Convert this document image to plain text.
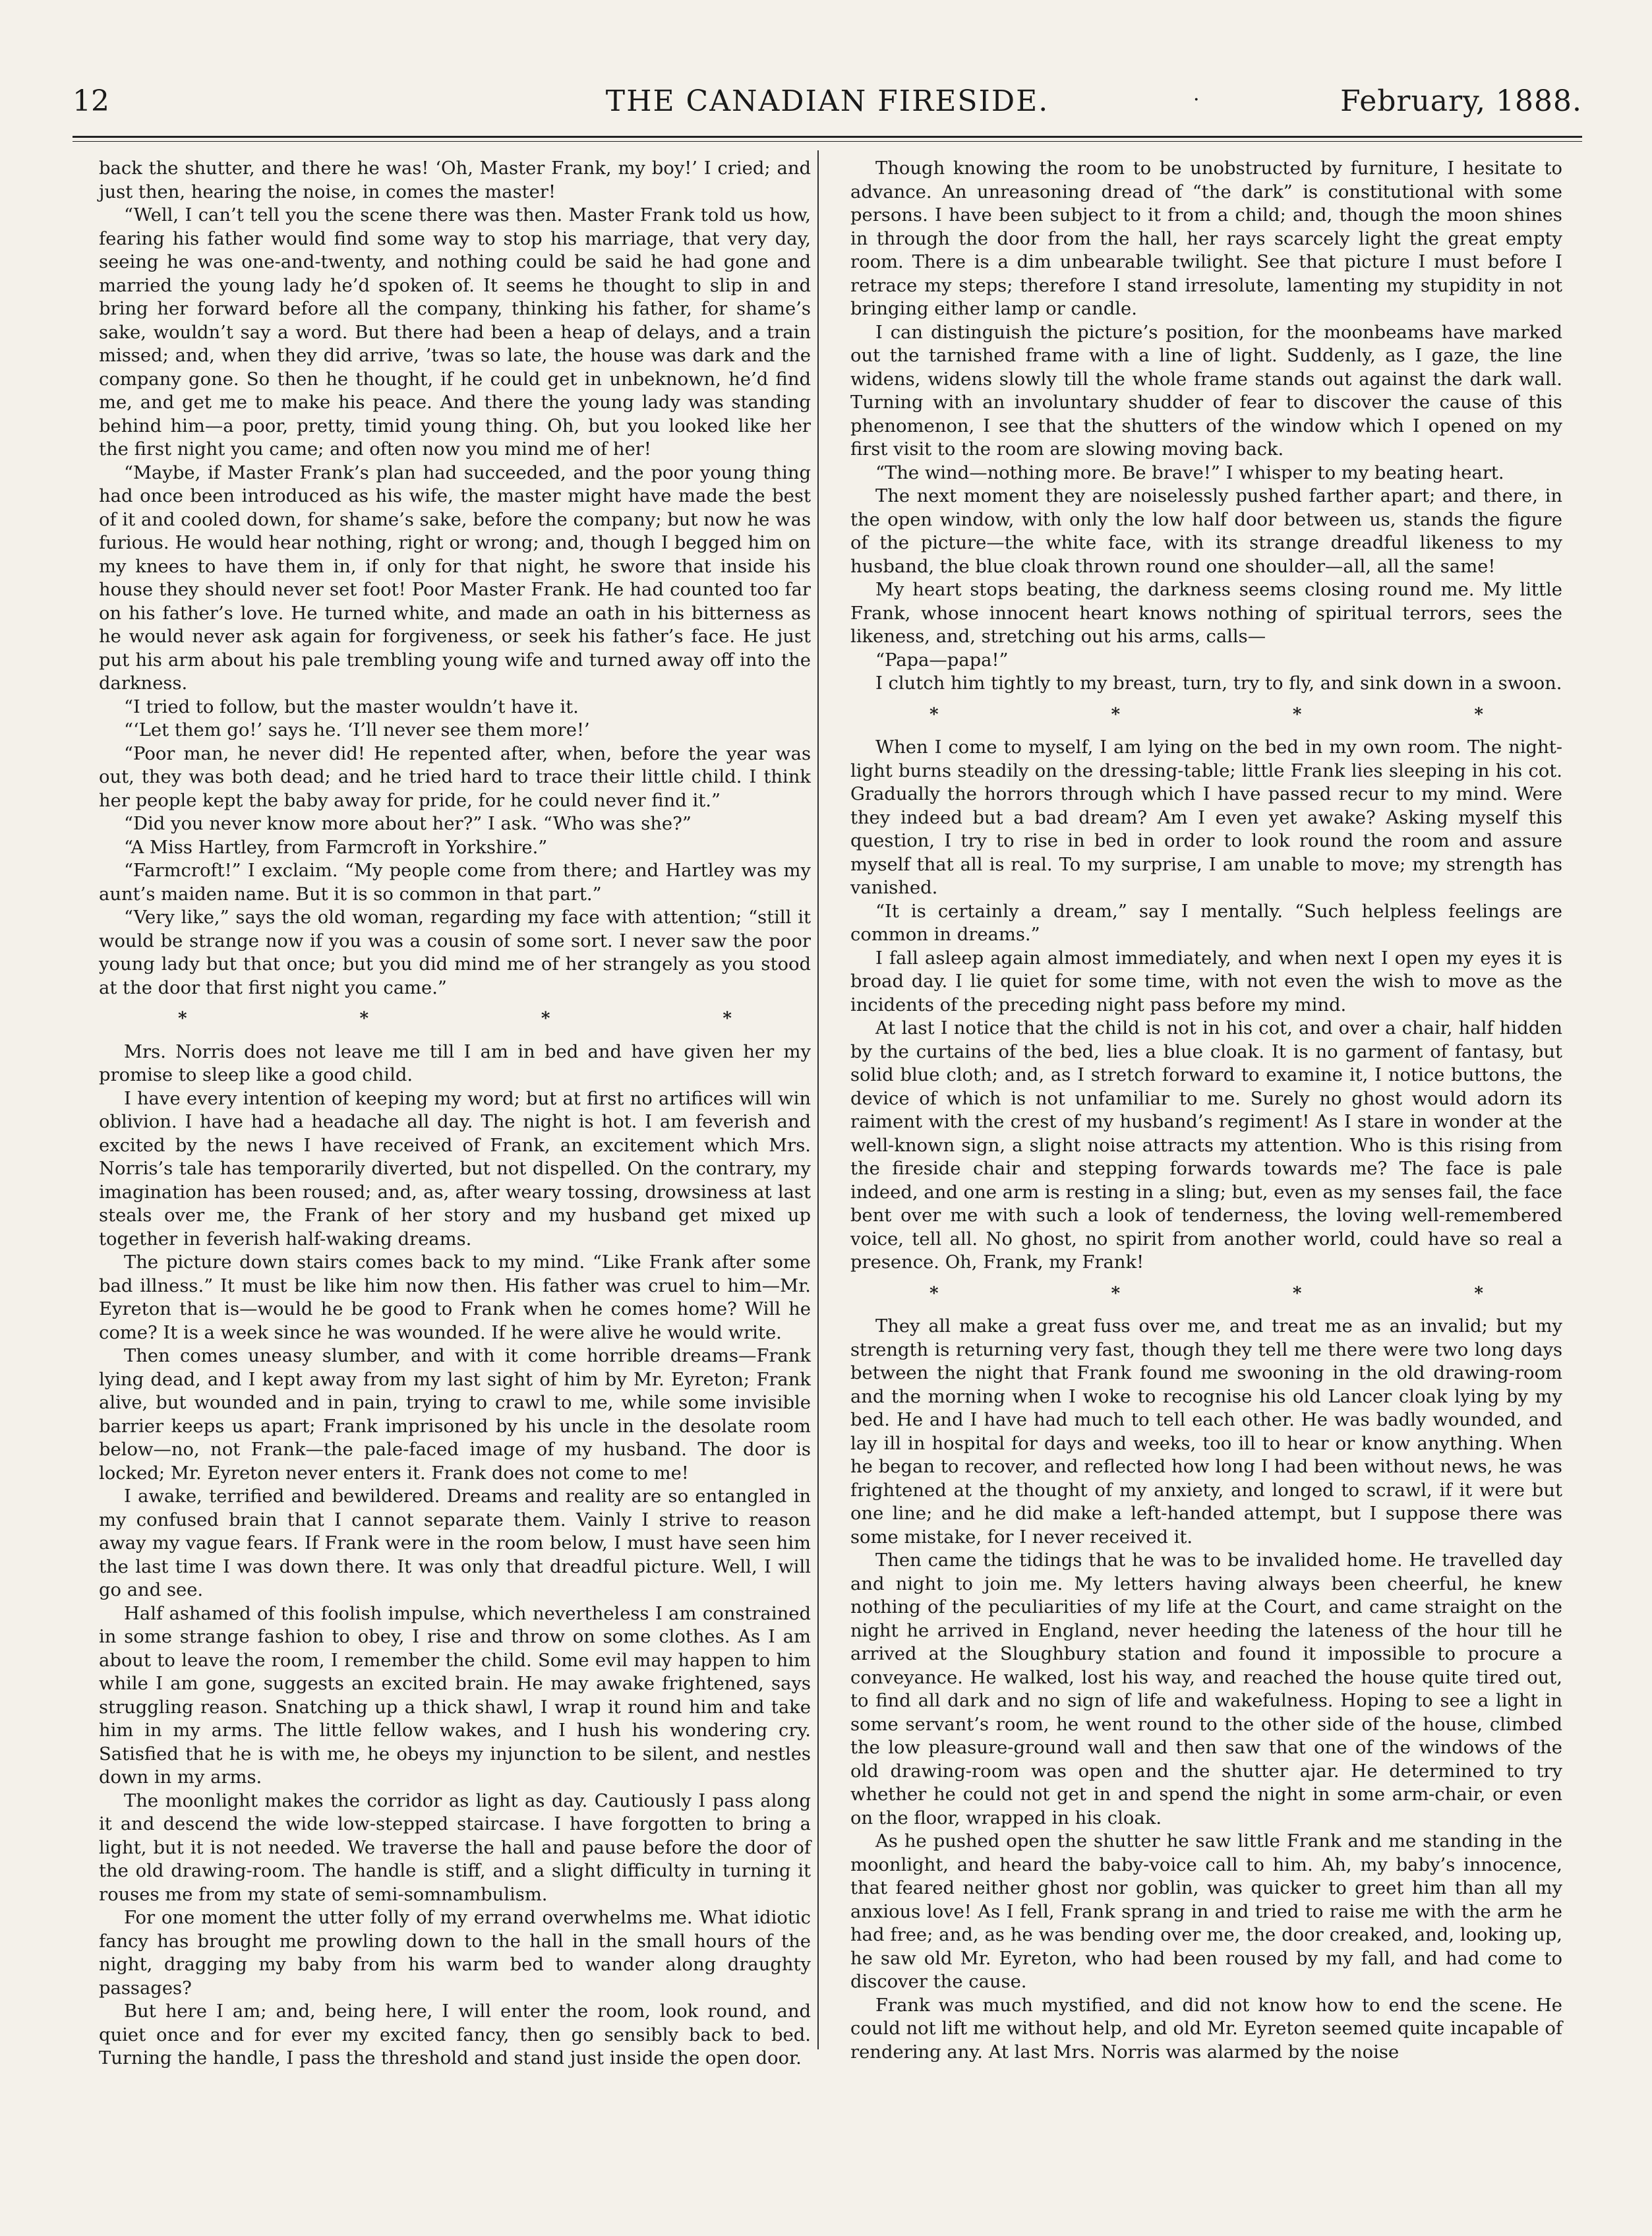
12	THE CANADIAN FIRESIDE.	·	February, 1888.

back the shutter, and there he was! ‘Oh, Master Frank, my boy!’ I cried; and just then, hearing the noise, in comes the master!

“Well, I can’t tell you the scene there was then. Master Frank told us how, fearing his father would find some way to stop his marriage, that very day, seeing he was one-and-twenty, and nothing could be said he had gone and married the young lady he’d spoken of. It seems he thought to slip in and bring her forward before all the company, thinking his father, for shame’s sake, wouldn’t say a word. But there had been a heap of delays, and a train missed; and, when they did arrive, ’twas so late, the house was dark and the company gone. So then he thought, if he could get in unbeknown, he’d find me, and get me to make his peace. And there the young lady was standing behind him—a poor, pretty, timid young thing. Oh, but you looked like her the first night you came; and often now you mind me of her!

“Maybe, if Master Frank’s plan had succeeded, and the poor young thing had once been introduced as his wife, the master might have made the best of it and cooled down, for shame’s sake, before the company; but now he was furious. He would hear nothing, right or wrong; and, though I begged him on my knees to have them in, if only for that night, he swore that inside his house they should never set foot! Poor Master Frank. He had counted too far on his father’s love. He turned white, and made an oath in his bitterness as he would never ask again for forgiveness, or seek his father’s face. He just put his arm about his pale trembling young wife and turned away off into the darkness.

“I tried to follow, but the master wouldn’t have it.

“‘Let them go!’ says he. ‘I’ll never see them more!’

“Poor man, he never did! He repented after, when, before the year was out, they was both dead; and he tried hard to trace their little child. I think her people kept the baby away for pride, for he could never find it.”

“Did you never know more about her?” I ask. “Who was she?”

“A Miss Hartley, from Farmcroft in Yorkshire.”

“Farmcroft!” I exclaim. “My people come from there; and Hartley was my aunt’s maiden name. But it is so common in that part.”

“Very like,” says the old woman, regarding my face with attention; “still it would be strange now if you was a cousin of some sort. I never saw the poor young lady but that once; but you did mind me of her strangely as you stood at the door that first night you came.”

*	*	*	*

Mrs. Norris does not leave me till I am in bed and have given her my promise to sleep like a good child.

I have every intention of keeping my word; but at first no artifices will win oblivion. I have had a headache all day. The night is hot. I am feverish and excited by the news I have received of Frank, an excitement which Mrs. Norris’s tale has temporarily diverted, but not dispelled. On the contrary, my imagination has been roused; and, as, after weary tossing, drowsiness at last steals over me, the Frank of her story and my husband get mixed up together in feverish half-waking dreams.

The picture down stairs comes back to my mind. “Like Frank after some bad illness.” It must be like him now then. His father was cruel to him—Mr. Eyreton that is—would he be good to Frank when he comes home? Will he come? It is a week since he was wounded. If he were alive he would write.

Then comes uneasy slumber, and with it come horrible dreams—Frank lying dead, and I kept away from my last sight of him by Mr. Eyreton; Frank alive, but wounded and in pain, trying to crawl to me, while some invisible barrier keeps us apart; Frank imprisoned by his uncle in the desolate room below—no, not Frank—the pale-faced image of my husband. The door is locked; Mr. Eyreton never enters it. Frank does not come to me!

I awake, terrified and bewildered. Dreams and reality are so entangled in my confused brain that I cannot separate them. Vainly I strive to reason away my vague fears. If Frank were in the room below, I must have seen him the last time I was down there. It was only that dreadful picture. Well, I will go and see.

Half ashamed of this foolish impulse, which nevertheless I am constrained in some strange fashion to obey, I rise and throw on some clothes. As I am about to leave the room, I remember the child. Some evil may happen to him while I am gone, suggests an excited brain. He may awake frightened, says struggling reason. Snatching up a thick shawl, I wrap it round him and take him in my arms. The little fellow wakes, and I hush his wondering cry. Satisfied that he is with me, he obeys my injunction to be silent, and nestles down in my arms.

The moonlight makes the corridor as light as day. Cautiously I pass along it and descend the wide low-stepped staircase. I have forgotten to bring a light, but it is not needed. We traverse the hall and pause before the door of the old drawing-room. The handle is stiff, and a slight difficulty in turning it rouses me from my state of semi-somnambulism.

For one moment the utter folly of my errand overwhelms me. What idiotic fancy has brought me prowling down to the hall in the small hours of the night, dragging my baby from his warm bed to wander along draughty passages?

But here I am; and, being here, I will enter the room, look round, and quiet once and for ever my excited fancy, then go sensibly back to bed. Turning the handle, I pass the threshold and stand just inside the open door.

Though knowing the room to be unobstructed by furniture, I hesitate to advance. An unreasoning dread of “the dark” is constitutional with some persons. I have been subject to it from a child; and, though the moon shines in through the door from the hall, her rays scarcely light the great empty room. There is a dim unbearable twilight. See that picture I must before I retrace my steps; therefore I stand irresolute, lamenting my stupidity in not bringing either lamp or candle.

I can distinguish the picture’s position, for the moonbeams have marked out the tarnished frame with a line of light. Suddenly, as I gaze, the line widens, widens slowly till the whole frame stands out against the dark wall. Turning with an involuntary shudder of fear to discover the cause of this phenomenon, I see that the shutters of the window which I opened on my first visit to the room are slowing moving back.

“The wind—nothing more. Be brave!” I whisper to my beating heart.

The next moment they are noiselessly pushed farther apart; and there, in the open window, with only the low half door between us, stands the figure of the picture—the white face, with its strange dreadful likeness to my husband, the blue cloak thrown round one shoulder—all, all the same!

My heart stops beating, the darkness seems closing round me. My little Frank, whose innocent heart knows nothing of spiritual terrors, sees the likeness, and, stretching out his arms, calls—

“Papa—papa!”

I clutch him tightly to my breast, turn, try to fly, and sink down in a swoon.

*	*	*	*

When I come to myself, I am lying on the bed in my own room. The night-light burns steadily on the dressing-table; little Frank lies sleeping in his cot. Gradually the horrors through which I have passed recur to my mind. Were they indeed but a bad dream? Am I even yet awake? Asking myself this question, I try to rise in bed in order to look round the room and assure myself that all is real. To my surprise, I am unable to move; my strength has vanished.

“It is certainly a dream,” say I mentally. “Such helpless feelings are common in dreams.”

I fall asleep again almost immediately, and when next I open my eyes it is broad day. I lie quiet for some time, with not even the wish to move as the incidents of the preceding night pass before my mind.

At last I notice that the child is not in his cot, and over a chair, half hidden by the curtains of the bed, lies a blue cloak. It is no garment of fantasy, but solid blue cloth; and, as I stretch forward to examine it, I notice buttons, the device of which is not unfamiliar to me. Surely no ghost would adorn its raiment with the crest of my husband’s regiment! As I stare in wonder at the well-known sign, a slight noise attracts my attention. Who is this rising from the fireside chair and stepping forwards towards me? The face is pale indeed, and one arm is resting in a sling; but, even as my senses fail, the face bent over me with such a look of tenderness, the loving well-remembered voice, tell all. No ghost, no spirit from another world, could have so real a presence. Oh, Frank, my Frank!

*	*	*	*

They all make a great fuss over me, and treat me as an invalid; but my strength is returning very fast, though they tell me there were two long days between the night that Frank found me swooning in the old drawing-room and the morning when I woke to recognise his old Lancer cloak lying by my bed. He and I have had much to tell each other. He was badly wounded, and lay ill in hospital for days and weeks, too ill to hear or know anything. When he began to recover, and reflected how long I had been without news, he was frightened at the thought of my anxiety, and longed to scrawl, if it were but one line; and he did make a left-handed attempt, but I suppose there was some mistake, for I never received it.

Then came the tidings that he was to be invalided home. He travelled day and night to join me. My letters having always been cheerful, he knew nothing of the peculiarities of my life at the Court, and came straight on the night he arrived in England, never heeding the lateness of the hour till he arrived at the Sloughbury station and found it impossible to procure a conveyance. He walked, lost his way, and reached the house quite tired out, to find all dark and no sign of life and wakefulness. Hoping to see a light in some servant’s room, he went round to the other side of the house, climbed the low pleasure-ground wall and then saw that one of the windows of the old drawing-room was open and the shutter ajar. He determined to try whether he could not get in and spend the night in some arm-chair, or even on the floor, wrapped in his cloak.

As he pushed open the shutter he saw little Frank and me standing in the moonlight, and heard the baby-voice call to him. Ah, my baby’s innocence, that feared neither ghost nor goblin, was quicker to greet him than all my anxious love! As I fell, Frank sprang in and tried to raise me with the arm he had free; and, as he was bending over me, the door creaked, and, looking up, he saw old Mr. Eyreton, who had been roused by my fall, and had come to discover the cause.

Frank was much mystified, and did not know how to end the scene. He could not lift me without help, and old Mr. Eyreton seemed quite incapable of rendering any. At last Mrs. Norris was alarmed by the noise
